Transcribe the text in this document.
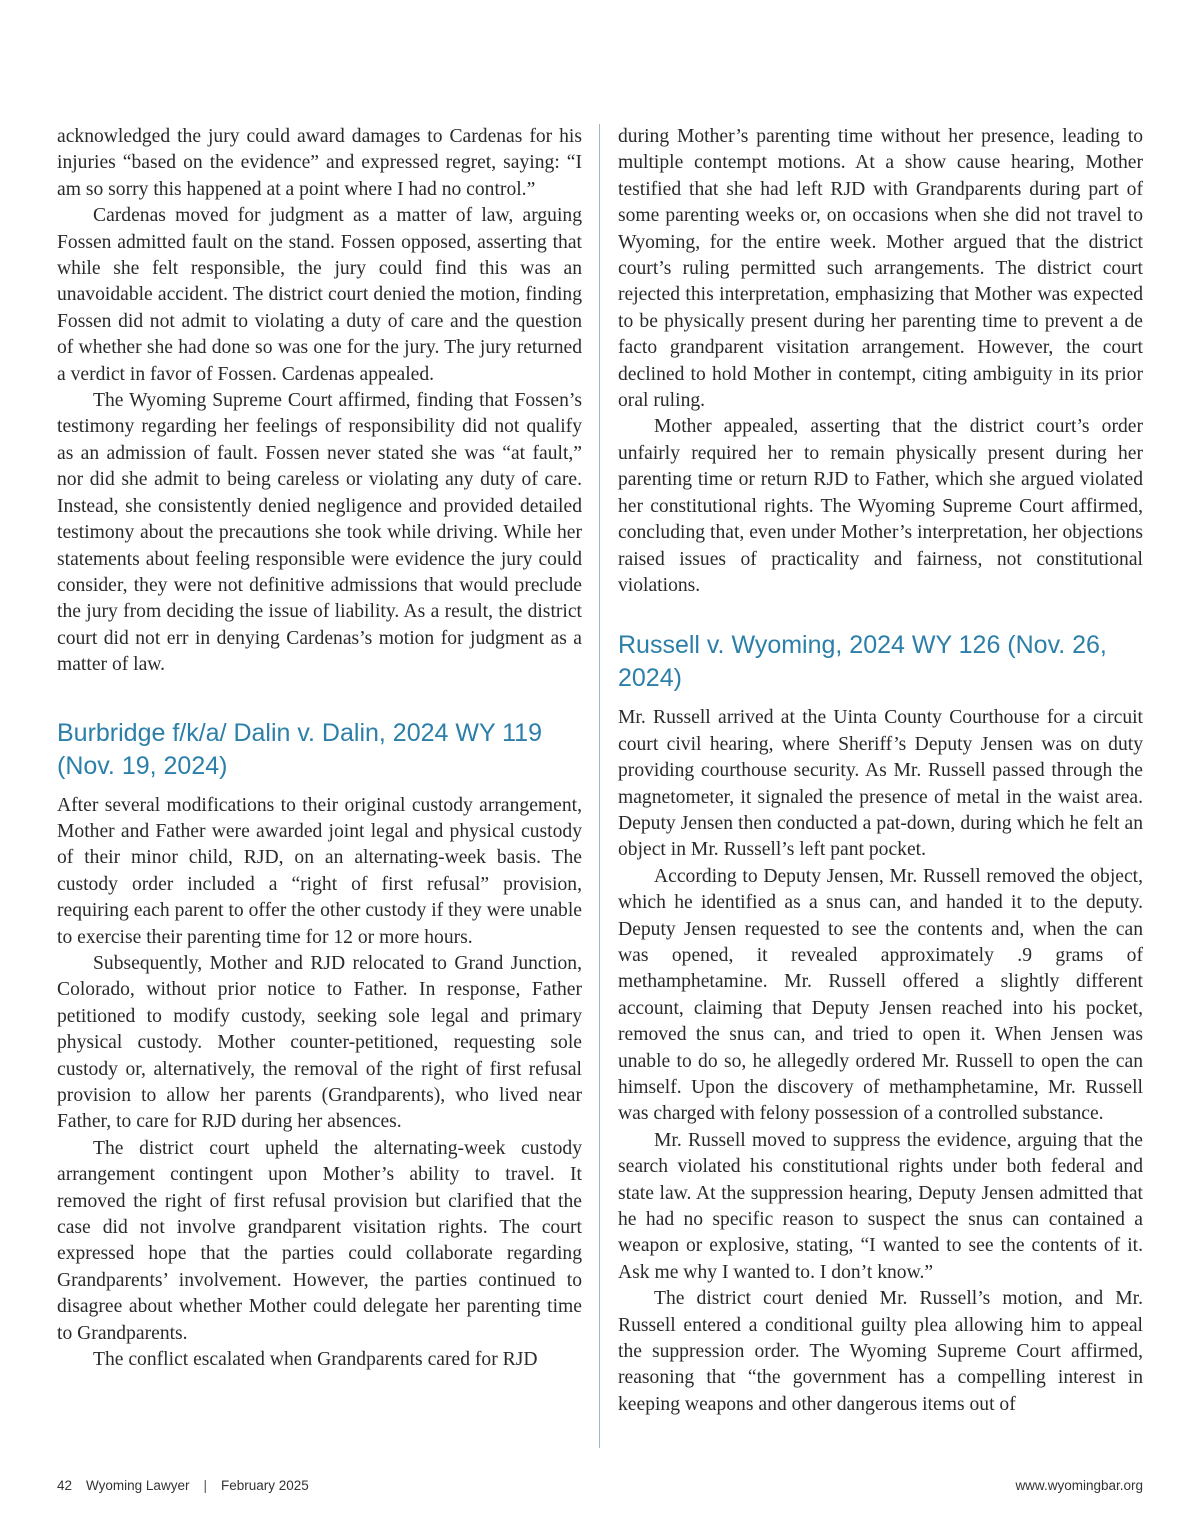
acknowledged the jury could award damages to Cardenas for his injuries “based on the evidence” and expressed regret, saying: “I am so sorry this happened at a point where I had no control.”

Cardenas moved for judgment as a matter of law, arguing Fossen admitted fault on the stand. Fossen opposed, asserting that while she felt responsible, the jury could find this was an unavoidable accident. The district court denied the motion, finding Fossen did not admit to violating a duty of care and the question of whether she had done so was one for the jury. The jury returned a verdict in favor of Fossen. Cardenas appealed.

The Wyoming Supreme Court affirmed, finding that Fossen’s testimony regarding her feelings of responsibility did not qualify as an admission of fault. Fossen never stated she was “at fault,” nor did she admit to being careless or violating any duty of care. Instead, she consistently denied negligence and provided detailed testimony about the precautions she took while driving. While her statements about feeling responsible were evidence the jury could consider, they were not definitive admissions that would preclude the jury from deciding the issue of liability. As a result, the district court did not err in denying Cardenas’s motion for judgment as a matter of law.

Burbridge f/k/a/ Dalin v. Dalin, 2024 WY 119 (Nov. 19, 2024)

After several modifications to their original custody arrangement, Mother and Father were awarded joint legal and physical custody of their minor child, RJD, on an alternating-week basis. The custody order included a “right of first refusal” provision, requiring each parent to offer the other custody if they were unable to exercise their parenting time for 12 or more hours.

Subsequently, Mother and RJD relocated to Grand Junction, Colorado, without prior notice to Father. In response, Father petitioned to modify custody, seeking sole legal and primary physical custody. Mother counter-petitioned, requesting sole custody or, alternatively, the removal of the right of first refusal provision to allow her parents (Grandparents), who lived near Father, to care for RJD during her absences.

The district court upheld the alternating-week custody arrangement contingent upon Mother’s ability to travel. It removed the right of first refusal provision but clarified that the case did not involve grandparent visitation rights. The court expressed hope that the parties could collaborate regarding Grandparents’ involvement. However, the parties continued to disagree about whether Mother could delegate her parenting time to Grandparents.

The conflict escalated when Grandparents cared for RJD

during Mother’s parenting time without her presence, leading to multiple contempt motions. At a show cause hearing, Mother testified that she had left RJD with Grandparents during part of some parenting weeks or, on occasions when she did not travel to Wyoming, for the entire week. Mother argued that the district court’s ruling permitted such arrangements. The district court rejected this interpretation, emphasizing that Mother was expected to be physically present during her parenting time to prevent a de facto grandparent visitation arrangement. However, the court declined to hold Mother in contempt, citing ambiguity in its prior oral ruling.

Mother appealed, asserting that the district court’s order unfairly required her to remain physically present during her parenting time or return RJD to Father, which she argued violated her constitutional rights. The Wyoming Supreme Court affirmed, concluding that, even under Mother’s interpretation, her objections raised issues of practicality and fairness, not constitutional violations.

Russell v. Wyoming, 2024 WY 126 (Nov. 26, 2024)

Mr. Russell arrived at the Uinta County Courthouse for a circuit court civil hearing, where Sheriff’s Deputy Jensen was on duty providing courthouse security. As Mr. Russell passed through the magnetometer, it signaled the presence of metal in the waist area. Deputy Jensen then conducted a pat-down, during which he felt an object in Mr. Russell’s left pant pocket.

According to Deputy Jensen, Mr. Russell removed the object, which he identified as a snus can, and handed it to the deputy. Deputy Jensen requested to see the contents and, when the can was opened, it revealed approximately .9 grams of methamphetamine. Mr. Russell offered a slightly different account, claiming that Deputy Jensen reached into his pocket, removed the snus can, and tried to open it. When Jensen was unable to do so, he allegedly ordered Mr. Russell to open the can himself. Upon the discovery of methamphetamine, Mr. Russell was charged with felony possession of a controlled substance.

Mr. Russell moved to suppress the evidence, arguing that the search violated his constitutional rights under both federal and state law. At the suppression hearing, Deputy Jensen admitted that he had no specific reason to suspect the snus can contained a weapon or explosive, stating, “I wanted to see the contents of it. Ask me why I wanted to. I don’t know.”

The district court denied Mr. Russell’s motion, and Mr. Russell entered a conditional guilty plea allowing him to appeal the suppression order. The Wyoming Supreme Court affirmed, reasoning that “the government has a compelling interest in keeping weapons and other dangerous items out of

42 Wyoming Lawyer | February 2025	www.wyomingbar.org
